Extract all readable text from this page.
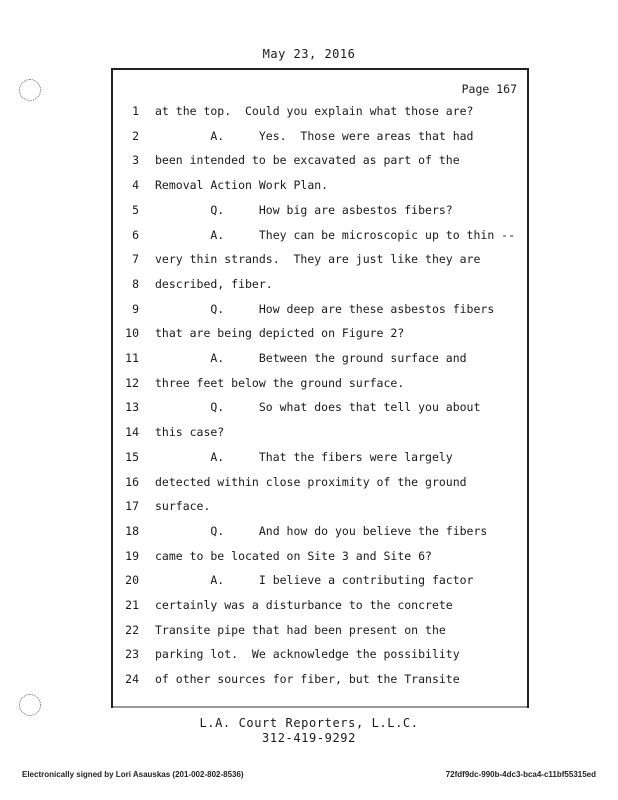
May 23, 2016
Page 167
1 at the top.  Could you explain what those are?
2 A.     Yes.  Those were areas that had
3 been intended to be excavated as part of the
4 Removal Action Work Plan.
5 Q.     How big are asbestos fibers?
6 A.     They can be microscopic up to thin --
7 very thin strands.  They are just like they are
8 described, fiber.
9 Q.     How deep are these asbestos fibers
10 that are being depicted on Figure 2?
11 A.     Between the ground surface and
12 three feet below the ground surface.
13 Q.     So what does that tell you about
14 this case?
15 A.     That the fibers were largely
16 detected within close proximity of the ground
17 surface.
18 Q.     And how do you believe the fibers
19 came to be located on Site 3 and Site 6?
20 A.     I believe a contributing factor
21 certainly was a disturbance to the concrete
22 Transite pipe that had been present on the
23 parking lot.  We acknowledge the possibility
24 of other sources for fiber, but the Transite
L.A. Court Reporters, L.L.C.
312-419-9292
Electronically signed by Lori Asauskas (201-002-802-8536)	72fdf9dc-990b-4dc3-bca4-c11bf55315ed
